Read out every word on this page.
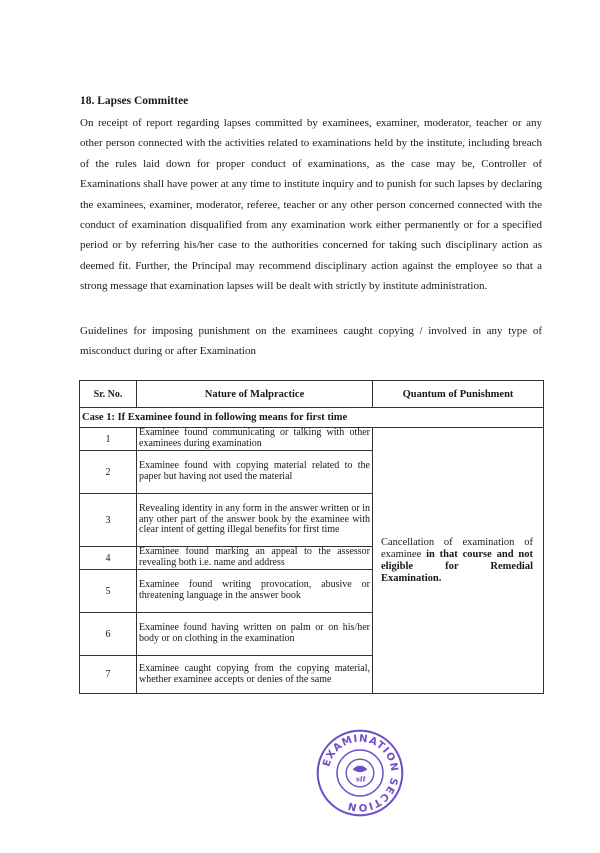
18. Lapses Committee
On receipt of report regarding lapses committed by examinees, examiner, moderator, teacher or any other person connected with the activities related to examinations held by the institute, including breach of the rules laid down for proper conduct of examinations, as the case may be, Controller of Examinations shall have power at any time to institute inquiry and to punish for such lapses by declaring the examinees, examiner, moderator, referee, teacher or any other person concerned connected with the conduct of examination disqualified from any examination work either permanently or for a specified period or by referring his/her case to the authorities concerned for taking such disciplinary action as deemed fit. Further, the Principal may recommend disciplinary action against the employee so that a strong message that examination lapses will be dealt with strictly by institute administration.
Guidelines for imposing punishment on the examinees caught copying / involved in any type of misconduct during or after Examination
Sr. No.	Nature of Malpractice	Quantum of Punishment
Case 1: If Examinee found in following means for first time		
1	Examinee found communicating or talking with other examinees during examination	Cancellation of examination of examinee in that course and not eligible for Remedial Examination.
2	Examinee found with copying material related to the paper but having not used the material	
3	Revealing identity in any form in the answer written or in any other part of the answer book by the examinee with clear intent of getting illegal benefits for first time	
4	Examinee found marking an appeal to the assessor revealing both i.e. name and address	
5	Examinee found writing provocation, abusive or threatening language in the answer book	
6	Examinee found having written on palm or on his/her body or on clothing in the examination	
7	Examinee caught copying from the copying material, whether examinee accepts or denies of the same	
EXAMINATION SECTION
sit
